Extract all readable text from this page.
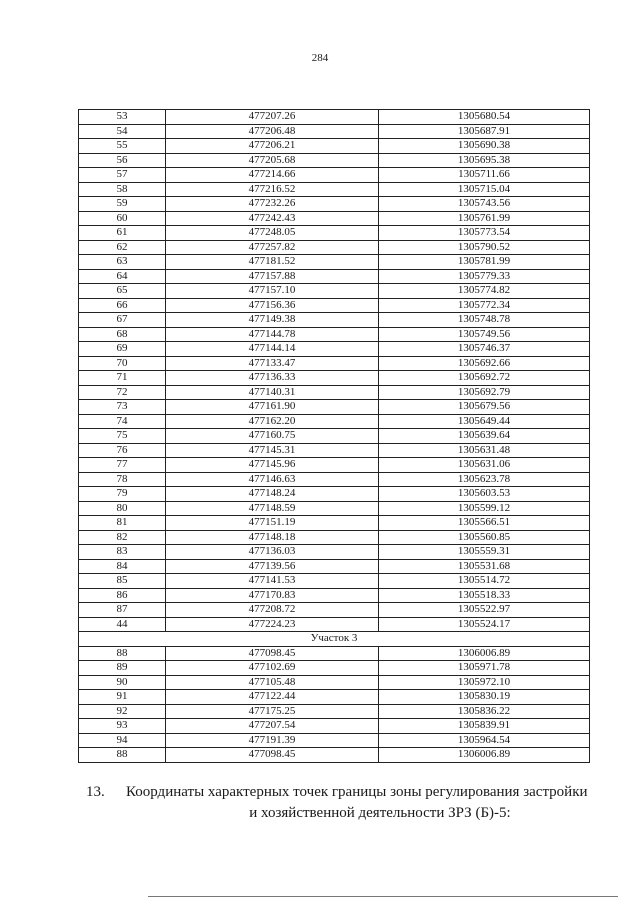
284
53	477207.26	1305680.54
54	477206.48	1305687.91
55	477206.21	1305690.38
56	477205.68	1305695.38
57	477214.66	1305711.66
58	477216.52	1305715.04
59	477232.26	1305743.56
60	477242.43	1305761.99
61	477248.05	1305773.54
62	477257.82	1305790.52
63	477181.52	1305781.99
64	477157.88	1305779.33
65	477157.10	1305774.82
66	477156.36	1305772.34
67	477149.38	1305748.78
68	477144.78	1305749.56
69	477144.14	1305746.37
70	477133.47	1305692.66
71	477136.33	1305692.72
72	477140.31	1305692.79
73	477161.90	1305679.56
74	477162.20	1305649.44
75	477160.75	1305639.64
76	477145.31	1305631.48
77	477145.96	1305631.06
78	477146.63	1305623.78
79	477148.24	1305603.53
80	477148.59	1305599.12
81	477151.19	1305566.51
82	477148.18	1305560.85
83	477136.03	1305559.31
84	477139.56	1305531.68
85	477141.53	1305514.72
86	477170.83	1305518.33
87	477208.72	1305522.97
44	477224.23	1305524.17
Участок 3		
88	477098.45	1306006.89
89	477102.69	1305971.78
90	477105.48	1305972.10
91	477122.44	1305830.19
92	477175.25	1305836.22
93	477207.54	1305839.91
94	477191.39	1305964.54
88	477098.45	1306006.89
13. Координаты характерных точек границы зоны регулирования застройки
и хозяйственной деятельности ЗРЗ (Б)-5:
